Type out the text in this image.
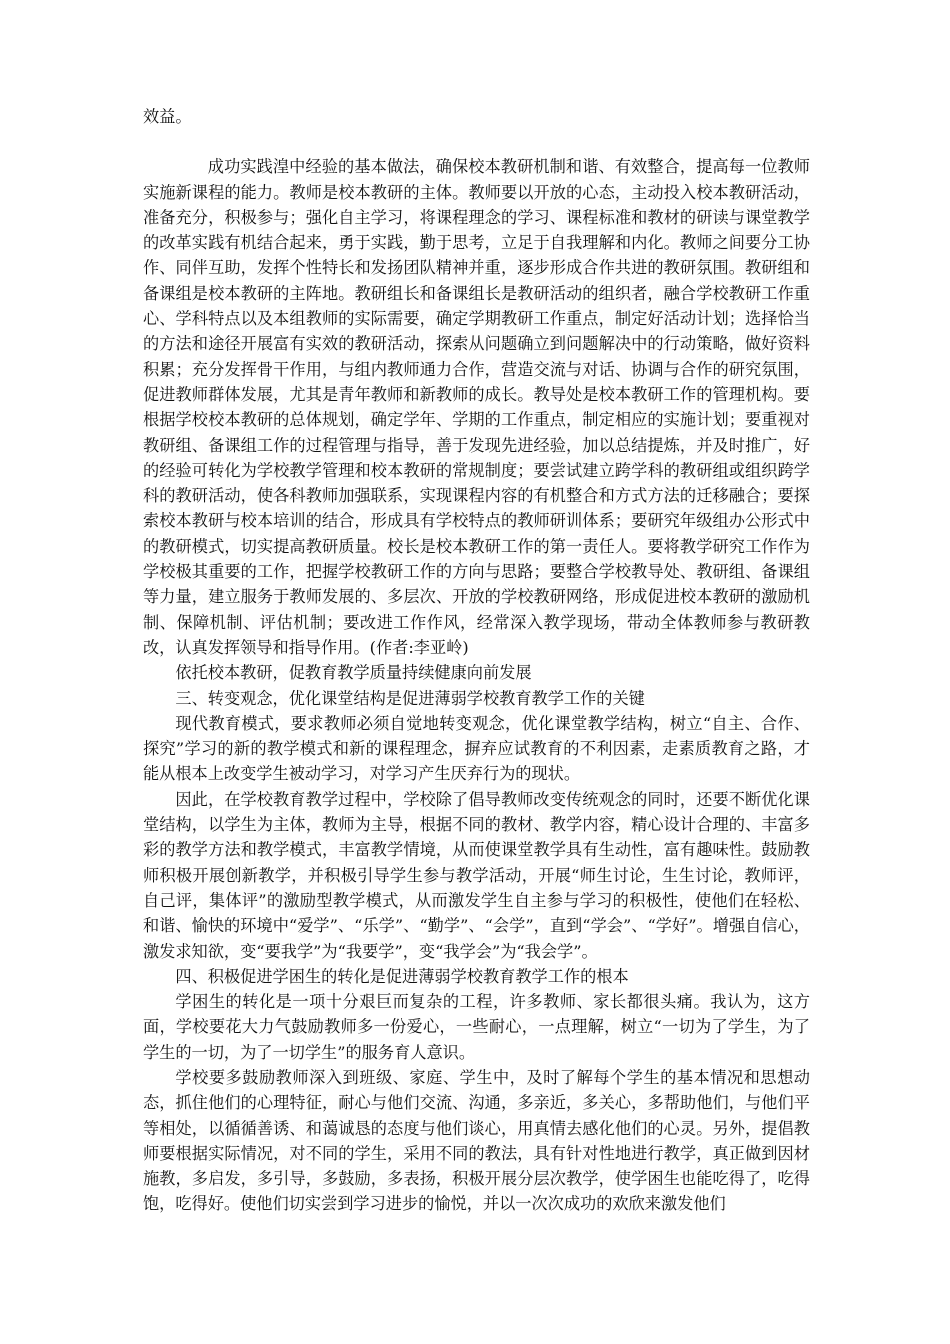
效益。

成功实践湟中经验的基本做法，确保校本教研机制和谐、有效整合，提高每一位教师实施新课程的能力。教师是校本教研的主体。教师要以开放的心态，主动投入校本教研活动，准备充分，积极参与；强化自主学习，将课程理念的学习、课程标准和教材的研读与课堂教学的改革实践有机结合起来，勇于实践，勤于思考，立足于自我理解和内化。教师之间要分工协作、同伴互助，发挥个性特长和发扬团队精神并重，逐步形成合作共进的教研氛围。教研组和备课组是校本教研的主阵地。教研组长和备课组长是教研活动的组织者，融合学校教研工作重心、学科特点以及本组教师的实际需要，确定学期教研工作重点，制定好活动计划；选择恰当的方法和途径开展富有实效的教研活动，探索从问题确立到问题解决中的行动策略，做好资料积累；充分发挥骨干作用，与组内教师通力合作，营造交流与对话、协调与合作的研究氛围，促进教师群体发展，尤其是青年教师和新教师的成长。教导处是校本教研工作的管理机构。要根据学校校本教研的总体规划，确定学年、学期的工作重点，制定相应的实施计划；要重视对教研组、备课组工作的过程管理与指导，善于发现先进经验，加以总结提炼，并及时推广，好的经验可转化为学校教学管理和校本教研的常规制度；要尝试建立跨学科的教研组或组织跨学科的教研活动，使各科教师加强联系，实现课程内容的有机整合和方式方法的迁移融合；要探索校本教研与校本培训的结合，形成具有学校特点的教师研训体系；要研究年级组办公形式中的教研模式，切实提高教研质量。校长是校本教研工作的第一责任人。要将教学研究工作作为学校极其重要的工作，把握学校教研工作的方向与思路；要整合学校教导处、教研组、备课组等力量，建立服务于教师发展的、多层次、开放的学校教研网络，形成促进校本教研的激励机制、保障机制、评估机制；要改进工作作风，经常深入教学现场，带动全体教师参与教研教改，认真发挥领导和指导作用。(作者:李亚岭)

依托校本教研，促教育教学质量持续健康向前发展

三、转变观念，优化课堂结构是促进薄弱学校教育教学工作的关键

现代教育模式，要求教师必须自觉地转变观念，优化课堂教学结构，树立“自主、合作、探究”学习的新的教学模式和新的课程理念，摒弃应试教育的不利因素，走素质教育之路，才能从根本上改变学生被动学习，对学习产生厌弃行为的现状。

因此，在学校教育教学过程中，学校除了倡导教师改变传统观念的同时，还要不断优化课堂结构，以学生为主体，教师为主导，根据不同的教材、教学内容，精心设计合理的、丰富多彩的教学方法和教学模式，丰富教学情境，从而使课堂教学具有生动性，富有趣味性。鼓励教师积极开展创新教学，并积极引导学生参与教学活动，开展“师生讨论，生生讨论，教师评，自己评，集体评”的激励型教学模式，从而激发学生自主参与学习的积极性，使他们在轻松、和谐、愉快的环境中“爱学”、“乐学”、“勤学”、“会学”，直到“学会”、“学好”。增强自信心，激发求知欲，变“要我学”为“我要学”，变“我学会”为“我会学”。

四、积极促进学困生的转化是促进薄弱学校教育教学工作的根本

学困生的转化是一项十分艰巨而复杂的工程，许多教师、家长都很头痛。我认为，这方面，学校要花大力气鼓励教师多一份爱心，一些耐心，一点理解，树立“一切为了学生，为了学生的一切，为了一切学生”的服务育人意识。

学校要多鼓励教师深入到班级、家庭、学生中，及时了解每个学生的基本情况和思想动态，抓住他们的心理特征，耐心与他们交流、沟通，多亲近，多关心，多帮助他们，与他们平等相处，以循循善诱、和蔼诚恳的态度与他们谈心，用真情去感化他们的心灵。另外，提倡教师要根据实际情况，对不同的学生，采用不同的教法，具有针对性地进行教学，真正做到因材施教，多启发，多引导，多鼓励，多表扬，积极开展分层次教学，使学困生也能吃得了，吃得饱，吃得好。使他们切实尝到学习进步的愉悦，并以一次次成功的欢欣来激发他们
